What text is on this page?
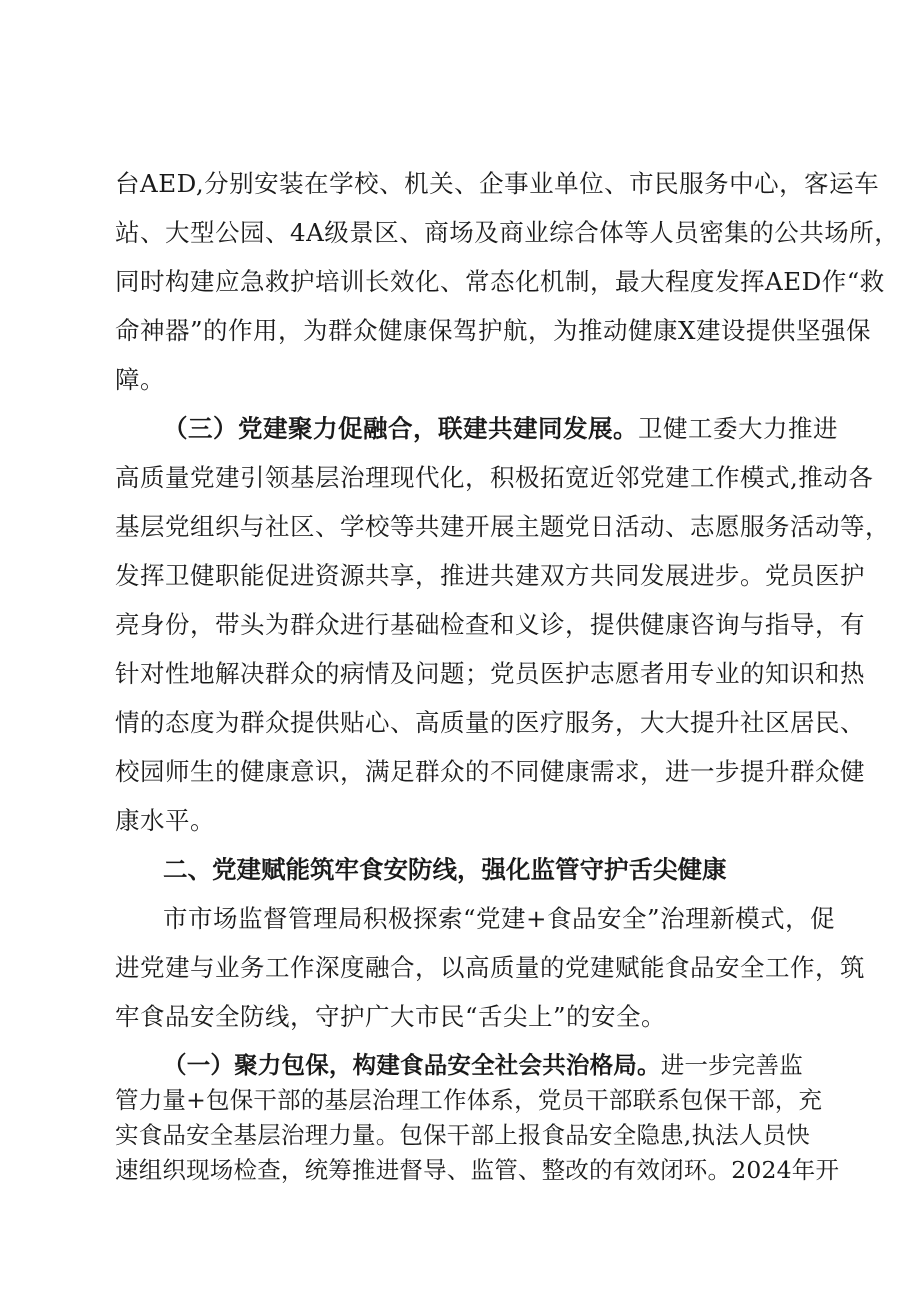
台AED,分别安装在学校、机关、企事业单位、市民服务中心，客运车
站、大型公园、4A级景区、商场及商业综合体等人员密集的公共场所，
同时构建应急救护培训长效化、常态化机制，最大程度发挥AED作“救
命神器”的作用，为群众健康保驾护航，为推动健康X建设提供坚强保
障。
（三）党建聚力促融合，联建共建同发展。卫健工委大力推进
高质量党建引领基层治理现代化，积极拓宽近邻党建工作模式,推动各
基层党组织与社区、学校等共建开展主题党日活动、志愿服务活动等，
发挥卫健职能促进资源共享，推进共建双方共同发展进步。党员医护
亮身份，带头为群众进行基础检查和义诊，提供健康咨询与指导，有
针对性地解决群众的病情及问题；党员医护志愿者用专业的知识和热
情的态度为群众提供贴心、高质量的医疗服务，大大提升社区居民、
校园师生的健康意识，满足群众的不同健康需求，进一步提升群众健
康水平。
二、党建赋能筑牢食安防线，强化监管守护舌尖健康
市市场监督管理局积极探索“党建+食品安全”治理新模式，促
进党建与业务工作深度融合，以高质量的党建赋能食品安全工作，筑
牢食品安全防线，守护广大市民“舌尖上”的安全。
（一）聚力包保，构建食品安全社会共治格局。进一步完善监
管力量+包保干部的基层治理工作体系，党员干部联系包保干部，充
实食品安全基层治理力量。包保干部上报食品安全隐患,执法人员快
速组织现场检查，统筹推进督导、监管、整改的有效闭环。2024年开
